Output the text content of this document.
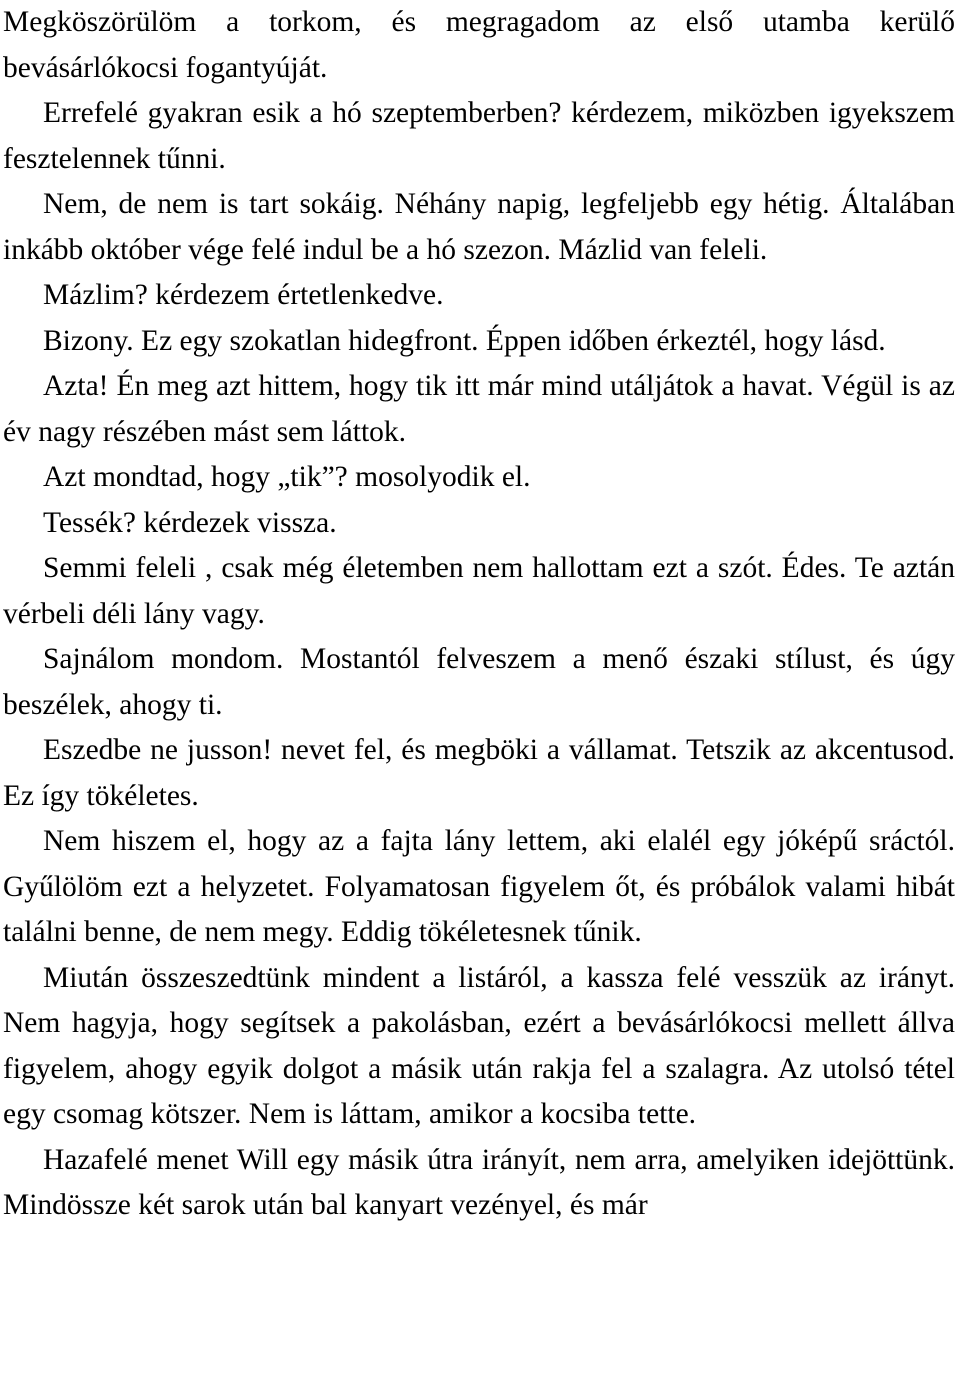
Megköszörülöm a torkom, és megragadom az első utamba kerülő bevásárlókocsi fogantyúját.

Errefelé gyakran esik a hó szeptemberben? kérdezem, miközben igyekszem fesztelennek tűnni.

Nem, de nem is tart sokáig. Néhány napig, legfeljebb egy hétig. Általában inkább október vége felé indul be a hó szezon. Mázlid van feleli.

Mázlim? kérdezem értetlenkedve.

Bizony. Ez egy szokatlan hidegfront. Éppen időben érkeztél, hogy lásd.

Azta! Én meg azt hittem, hogy tik itt már mind utáljátok a havat. Végül is az év nagy részében mást sem láttok.

Azt mondtad, hogy „tik”? mosolyodik el.

Tessék? kérdezek vissza.

Semmi feleli , csak még életemben nem hallottam ezt a szót. Édes. Te aztán vérbeli déli lány vagy.

Sajnálom mondom. Mostantól felveszem a menő északi stílust, és úgy beszélek, ahogy ti.

Eszedbe ne jusson! nevet fel, és megböki a vállamat. Tetszik az akcentusod. Ez így tökéletes.

Nem hiszem el, hogy az a fajta lány lettem, aki elalél egy jóképű sráctól. Gyűlölöm ezt a helyzetet. Folyamatosan figyelem őt, és próbálok valami hibát találni benne, de nem megy. Eddig tökéletesnek tűnik.

Miután összeszedtünk mindent a listáról, a kassza felé vesszük az irányt. Nem hagyja, hogy segítsek a pakolásban, ezért a bevásárlókocsi mellett állva figyelem, ahogy egyik dolgot a másik után rakja fel a szalagra. Az utolsó tétel egy csomag kötszer. Nem is láttam, amikor a kocsiba tette.

Hazafelé menet Will egy másik útra irányít, nem arra, amelyiken idejöttünk. Mindössze két sarok után bal kanyart vezényel, és már
